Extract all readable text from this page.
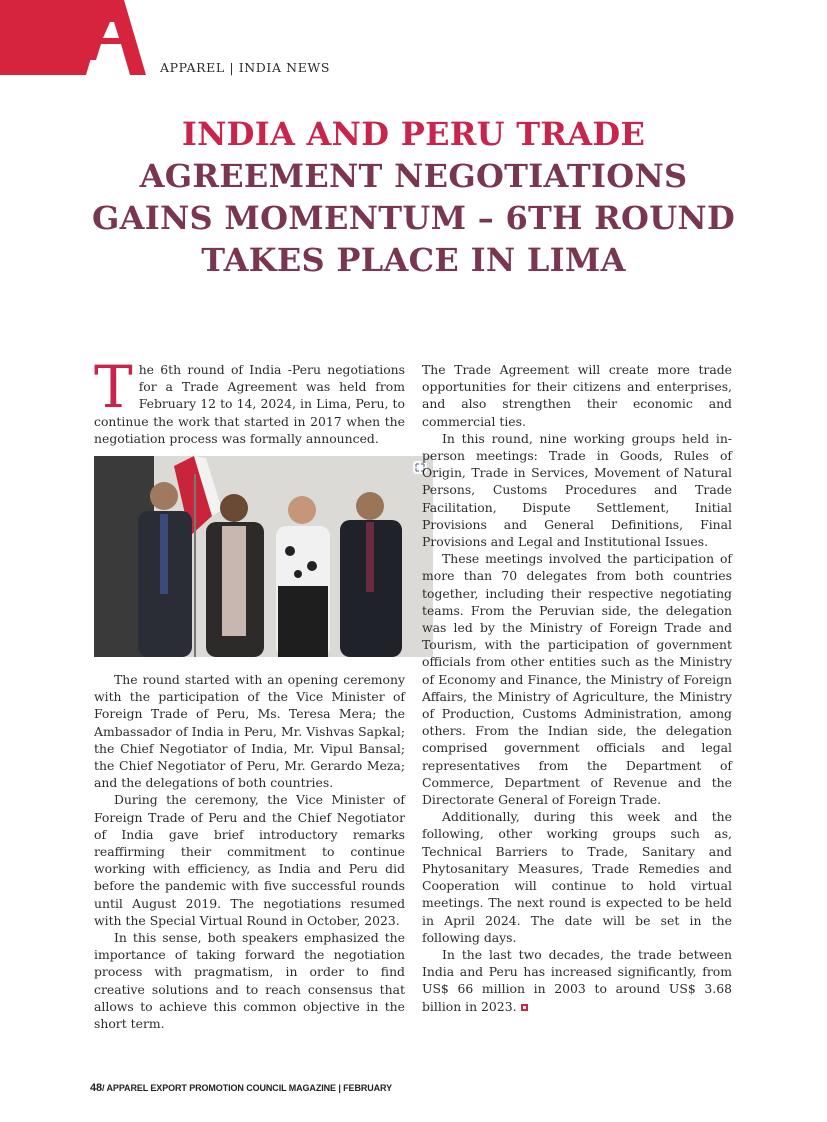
APPAREL | INDIA NEWS
INDIA AND PERU TRADE
AGREEMENT NEGOTIATIONS
GAINS MOMENTUM – 6TH ROUND
TAKES PLACE IN LIMA

The 6th round of India -Peru negotiations for a Trade Agreement was held from February 12 to 14, 2024, in Lima, Peru, to continue the work that started in 2017 when the negotiation process was formally announced.

The round started with an opening ceremony with the participation of the Vice Minister of Foreign Trade of Peru, Ms. Teresa Mera; the Ambassador of India in Peru, Mr. Vishvas Sapkal; the Chief Negotiator of India, Mr. Vipul Bansal; the Chief Negotiator of Peru, Mr. Gerardo Meza; and the delegations of both countries.

During the ceremony, the Vice Minister of Foreign Trade of Peru and the Chief Negotiator of India gave brief introductory remarks reaffirming their commitment to continue working with efficiency, as India and Peru did before the pandemic with five successful rounds until August 2019. The negotiations resumed with the Special Virtual Round in October, 2023.

In this sense, both speakers emphasized the importance of taking forward the negotiation process with pragmatism, in order to find creative solutions and to reach consensus that allows to achieve this common objective in the short term.

The Trade Agreement will create more trade opportunities for their citizens and enterprises, and also strengthen their economic and commercial ties.

In this round, nine working groups held in-person meetings: Trade in Goods, Rules of Origin, Trade in Services, Movement of Natural Persons, Customs Procedures and Trade Facilitation, Dispute Settlement, Initial Provisions and General Definitions, Final Provisions and Legal and Institutional Issues.

These meetings involved the participation of more than 70 delegates from both countries together, including their respective negotiating teams. From the Peruvian side, the delegation was led by the Ministry of Foreign Trade and Tourism, with the participation of government officials from other entities such as the Ministry of Economy and Finance, the Ministry of Foreign Affairs, the Ministry of Agriculture, the Ministry of Production, Customs Administration, among others. From the Indian side, the delegation comprised government officials and legal representatives from the Department of Commerce, Department of Revenue and the Directorate General of Foreign Trade.

Additionally, during this week and the following, other working groups such as, Technical Barriers to Trade, Sanitary and Phytosanitary Measures, Trade Remedies and Cooperation will continue to hold virtual meetings. The next round is expected to be held in April 2024. The date will be set in the following days.

In the last two decades, the trade between India and Peru has increased significantly, from US$ 66 million in 2003 to around US$ 3.68 billion in 2023.

48/ APPAREL EXPORT PROMOTION COUNCIL MAGAZINE | FEBRUARY
